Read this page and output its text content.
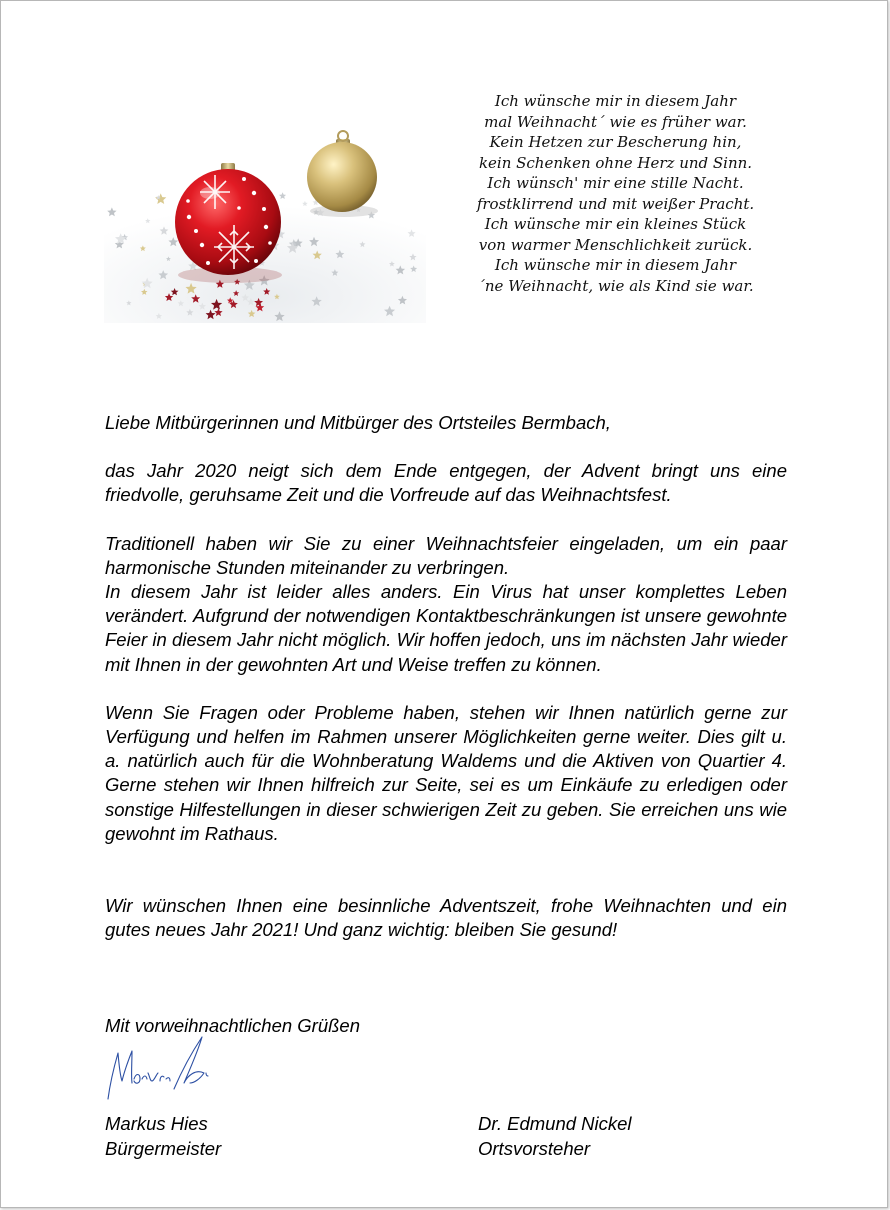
Ich wünsche mir in diesem Jahr
mal Weihnacht´ wie es früher war.
Kein Hetzen zur Bescherung hin,
kein Schenken ohne Herz und Sinn.
Ich wünsch' mir eine stille Nacht.
frostklirrend und mit weißer Pracht.
Ich wünsche mir ein kleines Stück
von warmer Menschlichkeit zurück.
Ich wünsche mir in diesem Jahr
´ne Weihnacht, wie als Kind sie war.

Liebe Mitbürgerinnen und Mitbürger des Ortsteiles Bermbach,

das Jahr 2020 neigt sich dem Ende entgegen, der Advent bringt uns eine friedvolle, geruhsame Zeit und die Vorfreude auf das Weihnachtsfest.

Traditionell haben wir Sie zu einer Weihnachtsfeier eingeladen, um ein paar harmonische Stunden miteinander zu verbringen.

In diesem Jahr ist leider alles anders. Ein Virus hat unser komplettes Leben verändert. Aufgrund der notwendigen Kontaktbeschränkungen ist unsere gewohnte Feier in diesem Jahr nicht möglich. Wir hoffen jedoch, uns im nächsten Jahr wieder mit Ihnen in der gewohnten Art und Weise treffen zu können.

Wenn Sie Fragen oder Probleme haben, stehen wir Ihnen natürlich gerne zur Verfügung und helfen im Rahmen unserer Möglichkeiten gerne weiter. Dies gilt u. a. natürlich auch für die Wohnberatung Waldems und die Aktiven von Quartier 4. Gerne stehen wir Ihnen hilfreich zur Seite, sei es um Einkäufe zu erledigen oder sonstige Hilfestellungen in dieser schwierigen Zeit zu geben. Sie erreichen uns wie gewohnt im Rathaus.

Wir wünschen Ihnen eine besinnliche Adventszeit, frohe Weihnachten und ein gutes neues Jahr 2021! Und ganz wichtig: bleiben Sie gesund!

Mit vorweihnachtlichen Grüßen
Markus Hies
Bürgermeister
Dr. Edmund Nickel
Ortsvorsteher
